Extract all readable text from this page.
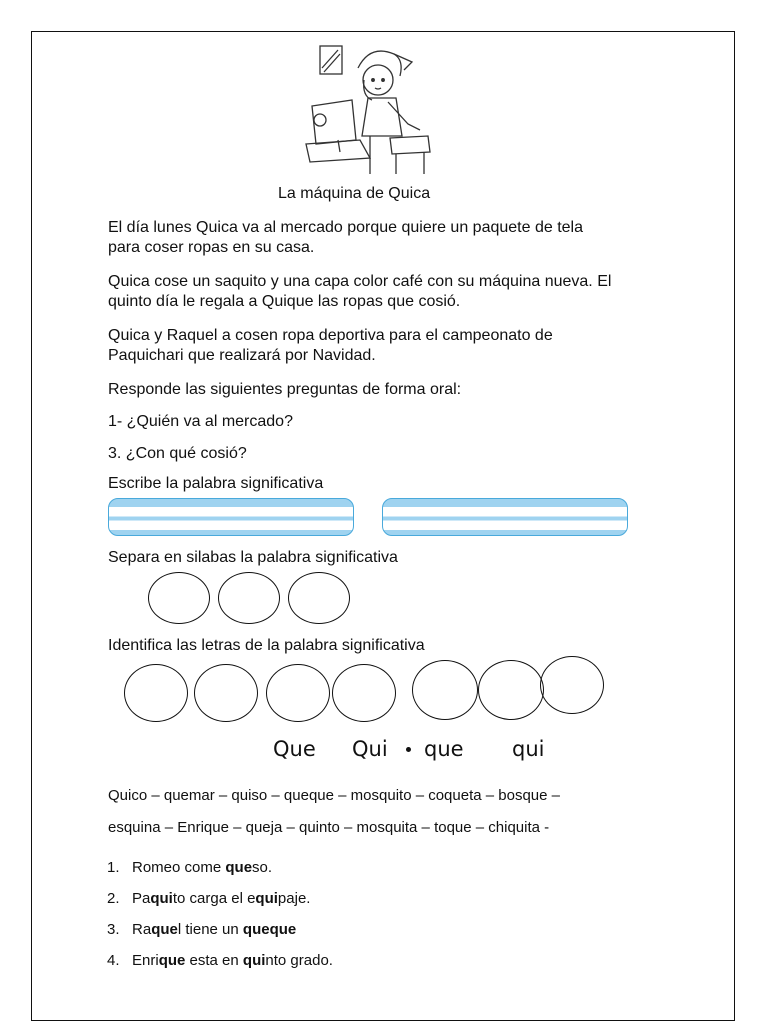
La máquina de Quica
El día lunes Quica va al mercado porque quiere un paquete de tela
para coser ropas en su casa.
Quica cose un saquito y una capa color café con su máquina nueva. El
quinto día le regala a Quique las ropas que cosió.
Quica y Raquel a cosen ropa deportiva para el campeonato de
Paquichari que realizará por Navidad.
Responde las siguientes preguntas de forma oral:
1- ¿Quién va al mercado?
3. ¿Con qué cosió?
Escribe la palabra significativa
Separa en silabas la palabra significativa
Identifica las letras de la palabra significativa
Que Qui que qui
Quico – quemar – quiso – queque – mosquito – coqueta – bosque –
esquina – Enrique – queja – quinto – mosquita – toque – chiquita -
1. Romeo come queso.
2. Paquito carga el equipaje.
3. Raquel tiene un queque
4. Enrique esta en quinto grado.
